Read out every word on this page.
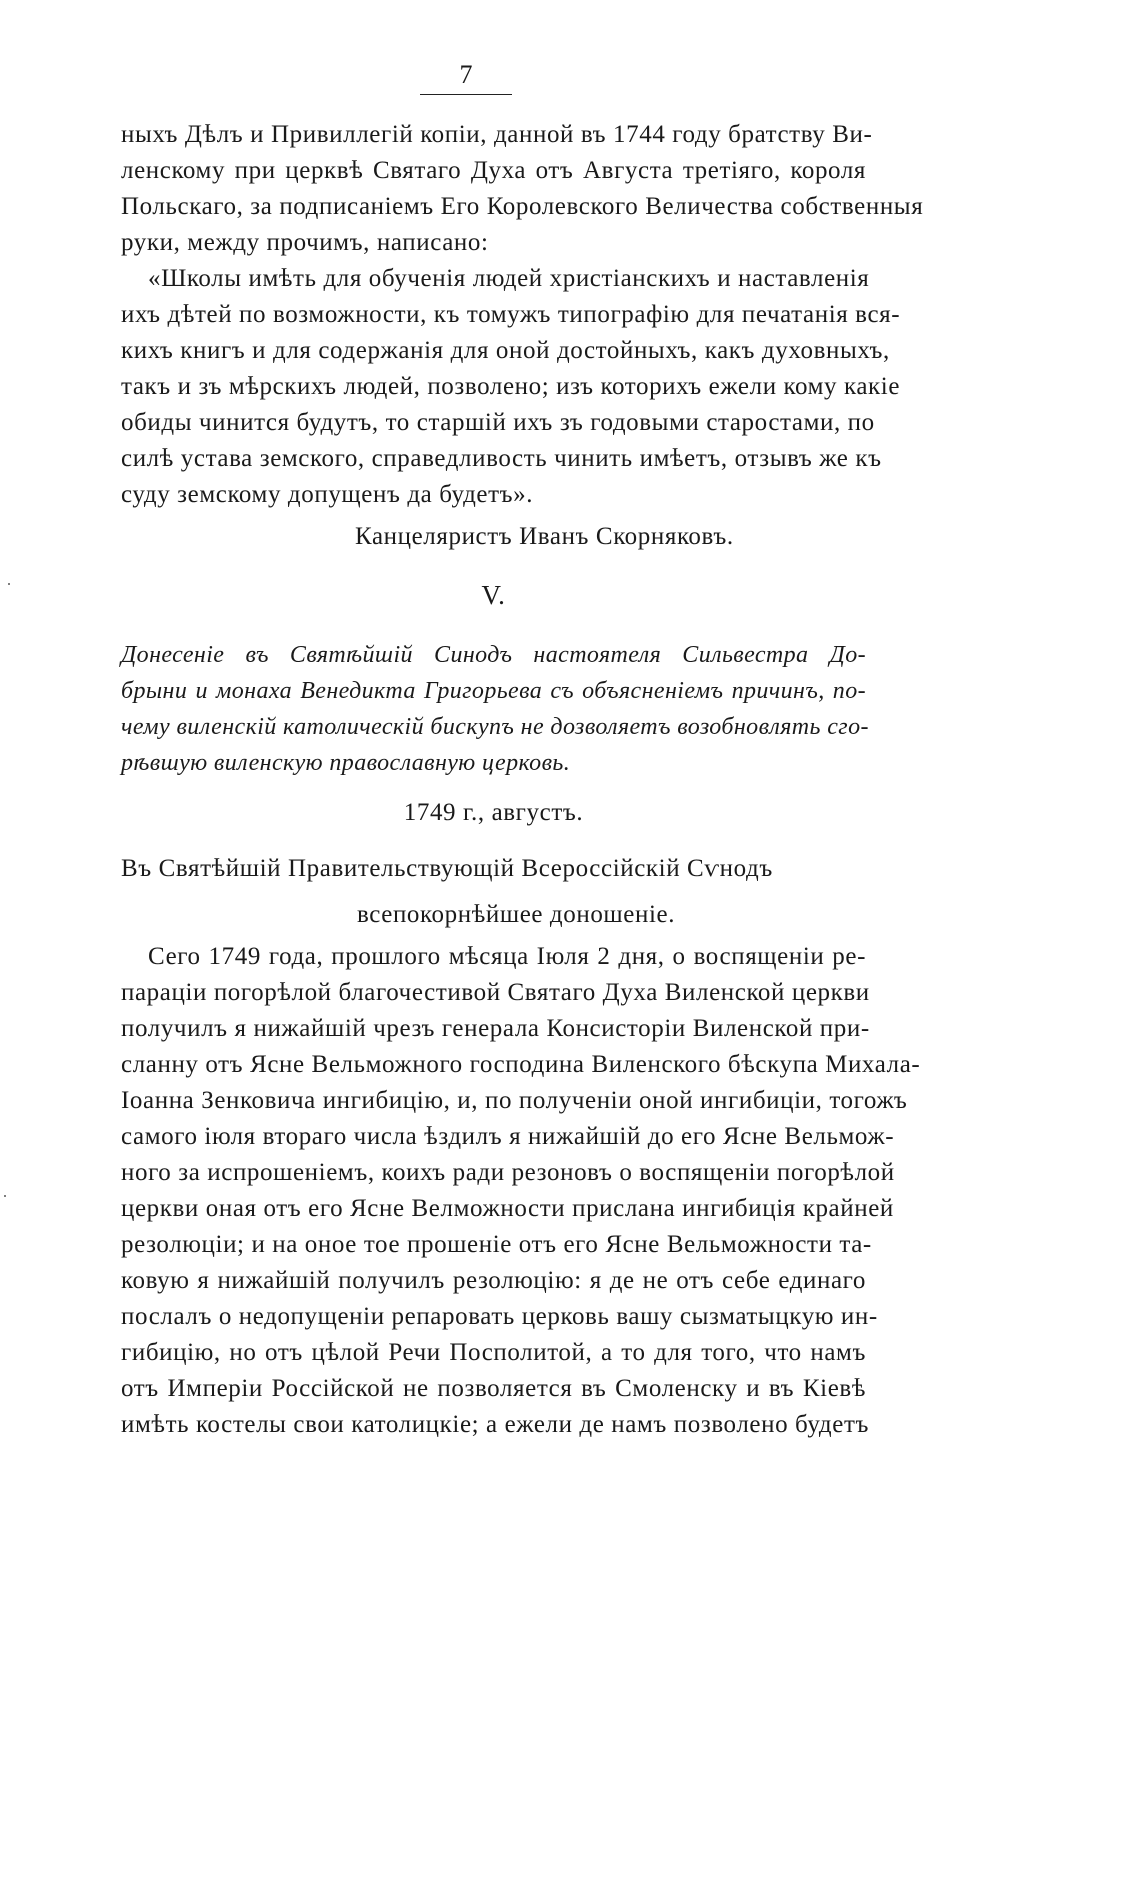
7
ныхъ Дѣлъ и Привиллегій копіи, данной въ 1744 году братству Ви-
ленскому при церквѣ Святаго Духа отъ Августа третіяго, короля
Польскаго, за подписаніемъ Его Королевского Величества собственныя
руки, между прочимъ, написано:
«Школы имѣть для обученія людей христіанскихъ и наставленія
ихъ дѣтей по возможности, къ томужъ типографію для печатанія вся-
кихъ книгъ и для содержанія для оной достойныхъ, какъ духовныхъ,
такъ и зъ мѣрскихъ людей, позволено; изъ которихъ ежели кому какіе
обиды чинится будутъ, то старшій ихъ зъ годовыми старостами, по
силѣ устава земского, справедливость чинить имѣетъ, отзывъ же къ
суду земскому допущенъ да будетъ».
Канцеляристъ Иванъ Скорняковъ.
V.
Донесеніе въ Святѣйшій Синодъ настоятеля Сильвестра До-
брыни и монаха Венедикта Григорьева съ объясненіемъ причинъ, по-
чему виленскій католическій бискупъ не дозволяетъ возобновлять сго-
рѣвшую виленскую православную церковь.
1749 г., августъ.
Въ Святѣйшій Правительствующій Всероссійскій Сѵнодъ
всепокорнѣйшее доношеніе.
Сего 1749 года, прошлого мѣсяца Іюля 2 дня, о воспященіи ре-
параціи погорѣлой благочестивой Святаго Духа Виленской церкви
получилъ я нижайшій чрезъ генерала Консисторіи Виленской при-
сланну отъ Ясне Вельможного господина Виленского бѣскупа Михала-
Іоанна Зенковича ингибицію, и, по полученіи оной ингибиціи, тогожъ
самого іюля втораго числа ѣздилъ я нижайшій до его Ясне Вельмож-
ного за испрошеніемъ, коихъ ради резоновъ о воспященіи погорѣлой
церкви оная отъ его Ясне Велможности прислана ингибиція крайней
резолюціи; и на оное тое прошеніе отъ его Ясне Вельможности та-
ковую я нижайшій получилъ резолюцію: я де не отъ себе единаго
послалъ о недопущеніи репаровать церковь вашу сызматыцкую ин-
гибицію, но отъ цѣлой Речи Посполитой, а то для того, что намъ
отъ Имперіи Россійской не позволяется въ Смоленску и въ Кіевѣ
имѣть костелы свои католицкіе; а ежели де намъ позволено будетъ
